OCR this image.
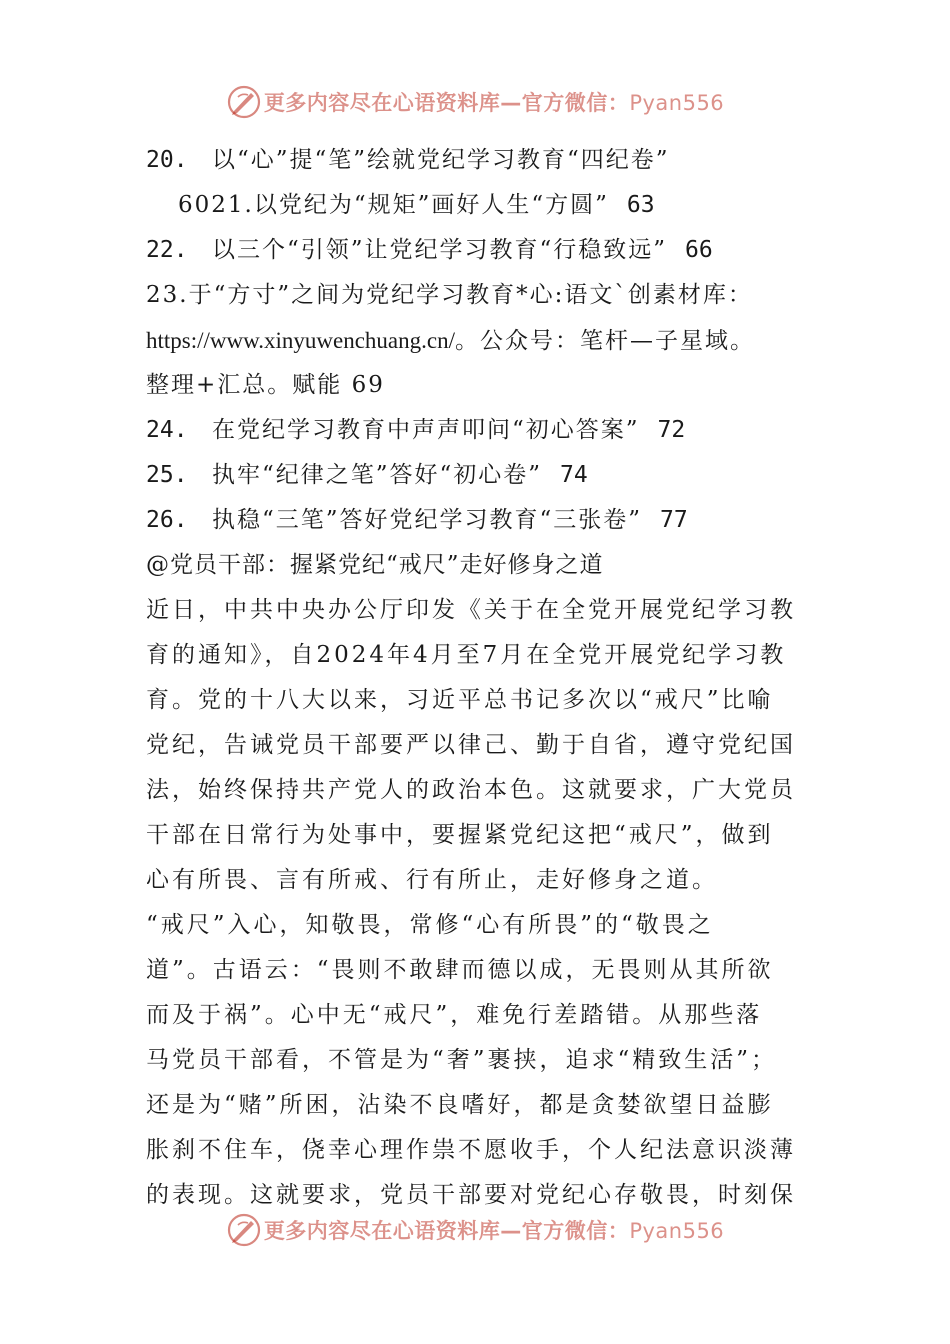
更多内容尽在心语资料库—官方微信：Pyan556
20. 以“心”提“笔”绘就党纪学习教育“四纪卷”
6021.以党纪为“规矩”画好人生“方圆” 63
22. 以三个“引领”让党纪学习教育“行稳致远” 66
23.于“方寸”之间为党纪学习教育*心:语文`创素材库：
https://www.xinyuwenchuang.cn/。公众号：笔杆—子星域。
整理+汇总。赋能 69
24. 在党纪学习教育中声声叩问“初心答案” 72
25. 执牢“纪律之笔”答好“初心卷” 74
26. 执稳“三笔”答好党纪学习教育“三张卷” 77
@党员干部：握紧党纪“戒尺”走好修身之道
近日，中共中央办公厅印发《关于在全党开展党纪学习教
育的通知》，自2024年4月至7月在全党开展党纪学习教
育。党的十八大以来，习近平总书记多次以“戒尺”比喻
党纪，告诫党员干部要严以律己、勤于自省，遵守党纪国
法，始终保持共产党人的政治本色。这就要求，广大党员
干部在日常行为处事中，要握紧党纪这把“戒尺”，做到
心有所畏、言有所戒、行有所止，走好修身之道。
“戒尺”入心，知敬畏，常修“心有所畏”的“敬畏之
道”。古语云：“畏则不敢肆而德以成，无畏则从其所欲
而及于祸”。心中无“戒尺”，难免行差踏错。从那些落
马党员干部看，不管是为“奢”裹挟，追求“精致生活”；
还是为“赌”所困，沾染不良嗜好，都是贪婪欲望日益膨
胀刹不住车，侥幸心理作祟不愿收手，个人纪法意识淡薄
的表现。这就要求，党员干部要对党纪心存敬畏，时刻保
更多内容尽在心语资料库—官方微信：Pyan556
